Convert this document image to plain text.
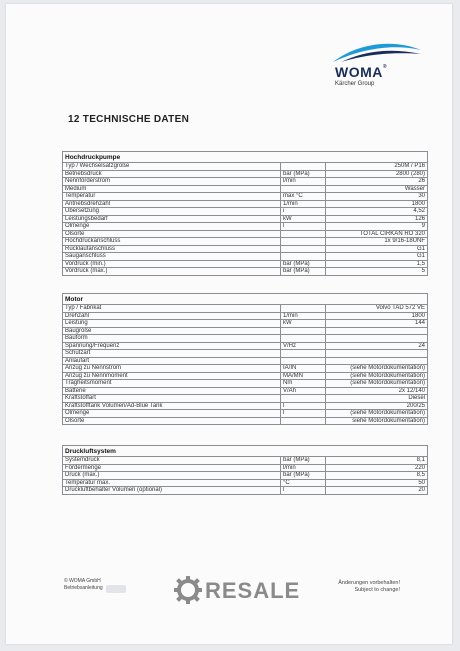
WOMA®
Kärcher Group
12 TECHNISCHE DATEN
Hochdruckpumpe		
Typ / Wechselsatzgröße		250M / P16
Betriebsdruck	bar (MPa)	2800 (280)
Nennförderstrom	l/min	26
Medium		Wasser
Temperatur	max °C	30
Antriebsdrehzahl	1/min	1800
Übersetzung	i	4,52
Leistungsbedarf	kW	126
Ölmenge	l	9
Ölsorte		TOTAL CIRKAN RO 320
Hochdruckanschluss		1x 9/16-18UNF
Rücklaufanschluss		G1
Sauganschluss		G1
Vordruck (min.)	bar (MPa)	1,5
Vordruck (max.)	bar (MPa)	5
Motor		
Typ / Fabrikat		Volvo TAD 572 VE
Drehzahl	1/min	1800
Leistung	kW	144
Baugröße		
Bauform		
Spannung/Frequenz	V/Hz	24
Schutzart		
Anlaufart		
Anzug zu Nennstrom	IA/IN	(siehe Motordokumentation)
Anzug zu Nennmoment	MA/MN	(siehe Motordokumentation)
Trägheitsmoment	Nm	(siehe Motordokumentation)
Batterie	V/Ah	2x 12/140
Kraftstoffart		Diesel
Kraftstofftank Volumen/Ad-Blue Tank	l	200/25
Ölmenge	l	(siehe Motordokumentation)
Ölsorte		siehe Motordokumentation)
Druckluftsystem		
Systemdruck	bar (MPa)	8,1
Fördermenge	l/min	220
Druck (max.)	bar (MPa)	8,5
Temperatur max.	°C	50
Druckluftbehälter Volumen (optional)	l	20
© WOMA GmbH
Betriebsanleitung	RESALE	Änderungen vorbehalten!
Subject to change!
